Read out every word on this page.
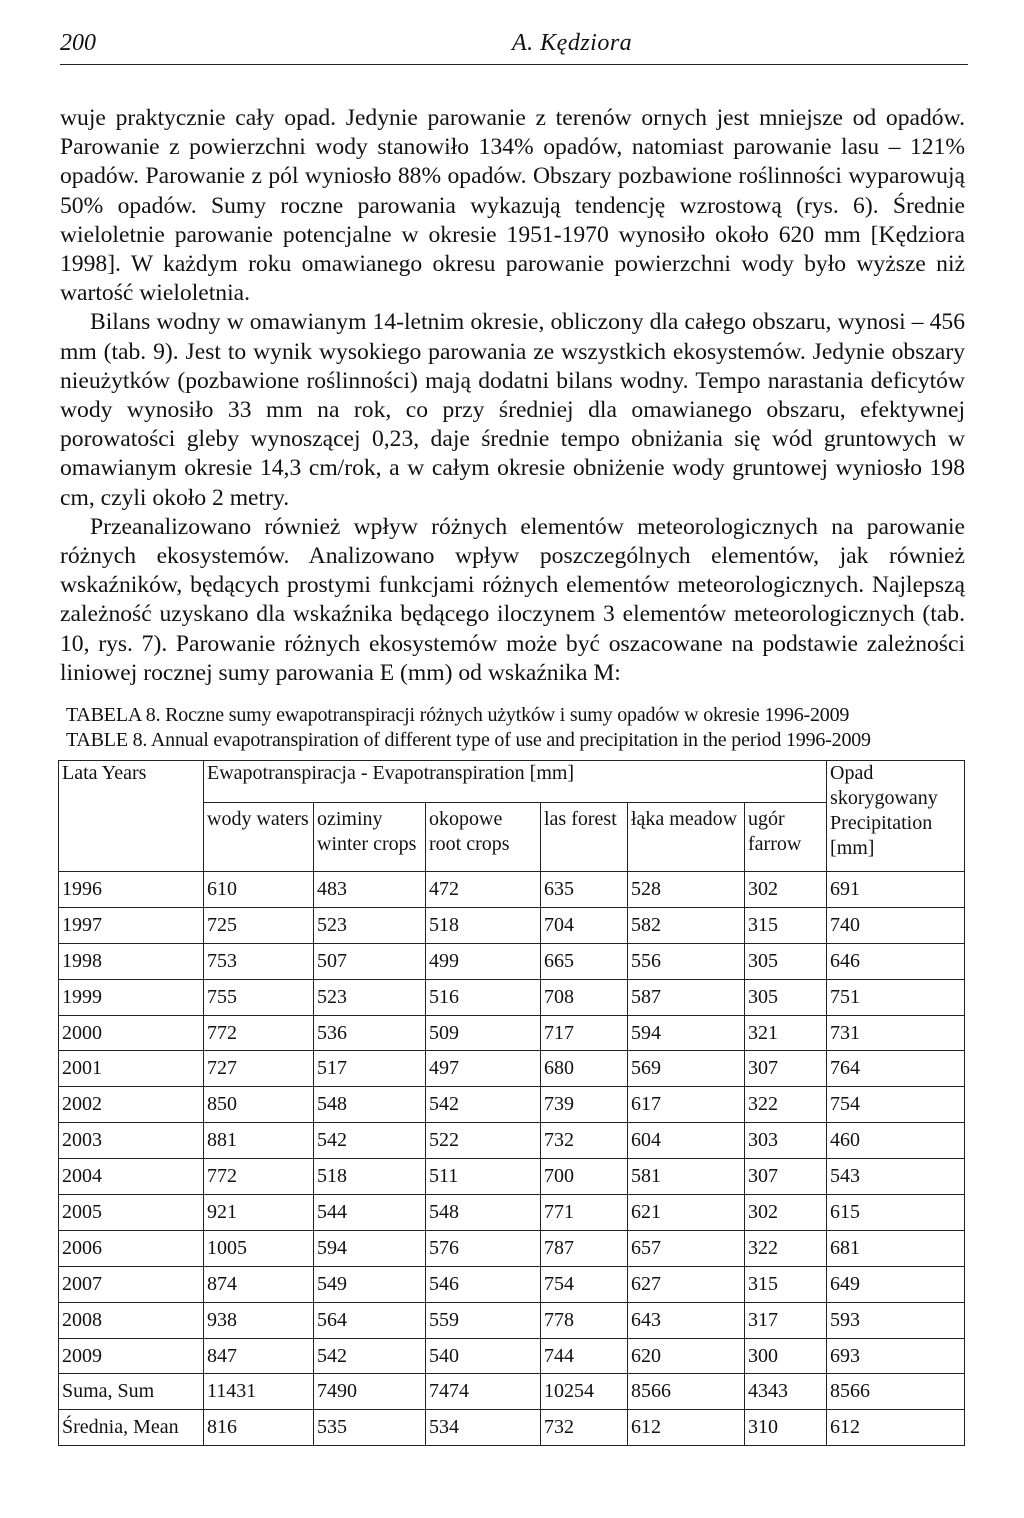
200	A. Kędziora

wuje praktycznie cały opad. Jedynie parowanie z terenów ornych jest mniejsze od opadów. Parowanie z powierzchni wody stanowiło 134% opadów, natomiast parowanie lasu – 121% opadów. Parowanie z pól wyniosło 88% opadów. Obszary pozbawione roślinności wyparowują 50% opadów. Sumy roczne parowania wykazują tendencję wzrostową (rys. 6). Średnie wieloletnie parowanie potencjalne w okresie 1951-1970 wynosiło około 620 mm [Kędziora 1998]. W każdym roku omawianego okresu parowanie powierzchni wody było wyższe niż wartość wieloletnia.

Bilans wodny w omawianym 14-letnim okresie, obliczony dla całego obszaru, wynosi – 456 mm (tab. 9). Jest to wynik wysokiego parowania ze wszystkich ekosystemów. Jedynie obszary nieużytków (pozbawione roślinności) mają dodatni bilans wodny. Tempo narastania deficytów wody wynosiło 33 mm na rok, co przy średniej dla omawianego obszaru, efektywnej porowatości gleby wynoszącej 0,23, daje średnie tempo obniżania się wód gruntowych w omawianym okresie 14,3 cm/rok, a w całym okresie obniżenie wody gruntowej wyniosło 198 cm, czyli około 2 metry.

Przeanalizowano również wpływ różnych elementów meteorologicznych na parowanie różnych ekosystemów. Analizowano wpływ poszczególnych elementów, jak również wskaźników, będących prostymi funkcjami różnych elementów meteorologicznych. Najlepszą zależność uzyskano dla wskaźnika będącego iloczynem 3 elementów meteorologicznych (tab. 10, rys. 7). Parowanie różnych ekosystemów może być oszacowane na podstawie zależności liniowej rocznej sumy parowania E (mm) od wskaźnika M:

TABELA 8. Roczne sumy ewapotranspiracji różnych użytków i sumy opadów w okresie 1996-2009
TABLE 8. Annual evapotranspiration of different type of use and precipitation in the period 1996-2009
Lata Years	Ewapotranspiracja - Evapotranspiration [mm]						Opad skorygowany Precipitation [mm]
	wody waters	oziminy winter crops	okopowe root crops	las forest	łąka meadow	ugór farrow	
1996	610	483	472	635	528	302	691
1997	725	523	518	704	582	315	740
1998	753	507	499	665	556	305	646
1999	755	523	516	708	587	305	751
2000	772	536	509	717	594	321	731
2001	727	517	497	680	569	307	764
2002	850	548	542	739	617	322	754
2003	881	542	522	732	604	303	460
2004	772	518	511	700	581	307	543
2005	921	544	548	771	621	302	615
2006	1005	594	576	787	657	322	681
2007	874	549	546	754	627	315	649
2008	938	564	559	778	643	317	593
2009	847	542	540	744	620	300	693
Suma, Sum	11431	7490	7474	10254	8566	4343	8566
Średnia, Mean	816	535	534	732	612	310	612
